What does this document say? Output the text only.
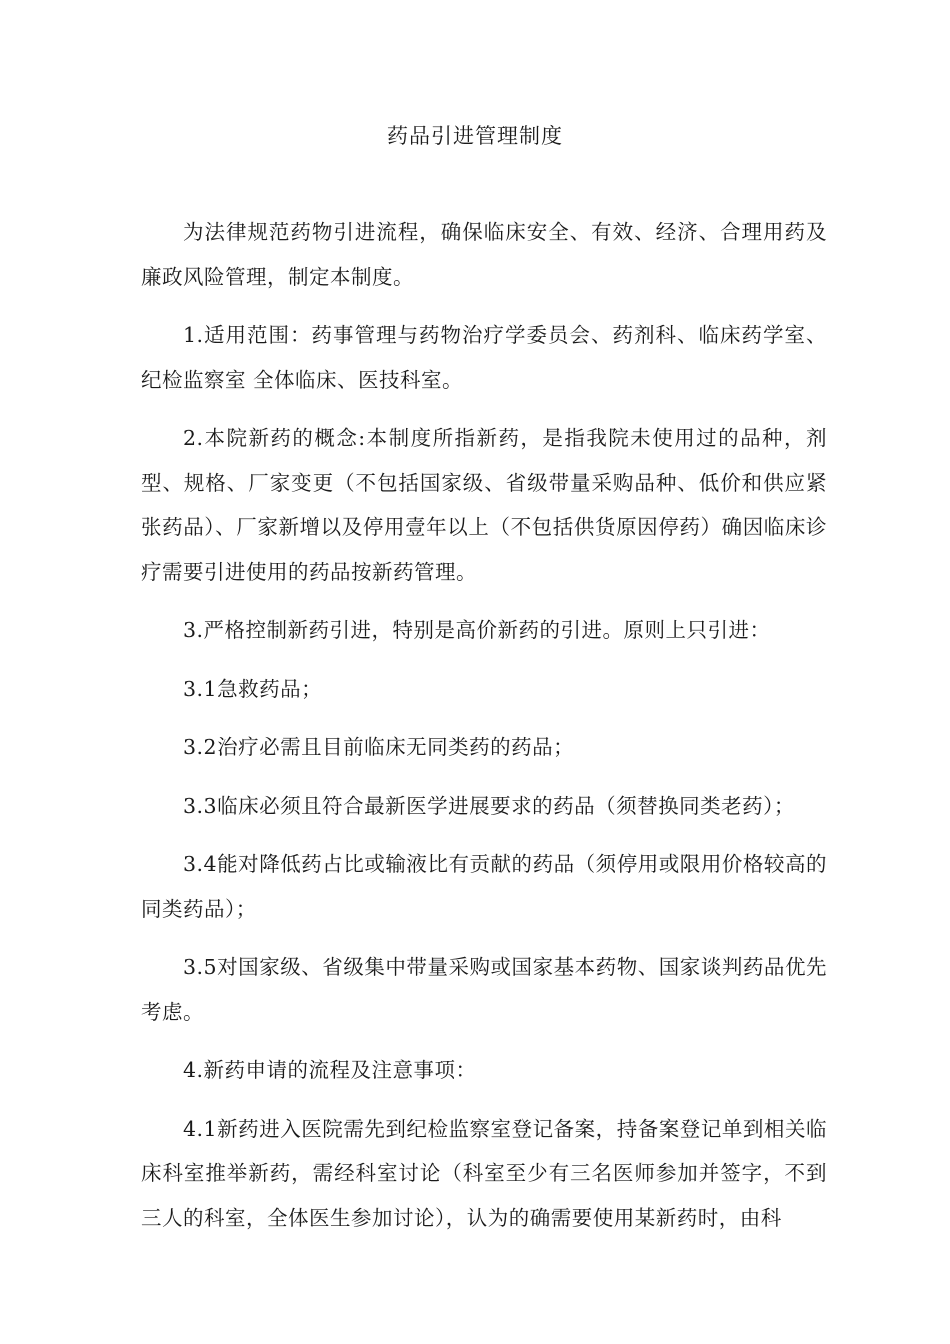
药品引进管理制度

为法律规范药物引进流程，确保临床安全、有效、经济、合理用药及廉政风险管理，制定本制度。

1.适用范围：药事管理与药物治疗学委员会、药剂科、临床药学室、纪检监察室 全体临床、医技科室。

2.本院新药的概念:本制度所指新药，是指我院未使用过的品种，剂型、规格、厂家变更（不包括国家级、省级带量采购品种、低价和供应紧张药品）、厂家新增以及停用壹年以上（不包括供货原因停药）确因临床诊疗需要引进使用的药品按新药管理。

3.严格控制新药引进，特别是高价新药的引进。原则上只引进：

3.1急救药品；

3.2治疗必需且目前临床无同类药的药品；

3.3临床必须且符合最新医学进展要求的药品（须替换同类老药）；

3.4能对降低药占比或输液比有贡献的药品（须停用或限用价格较高的同类药品）；

3.5对国家级、省级集中带量采购或国家基本药物、国家谈判药品优先考虑。

4.新药申请的流程及注意事项：

4.1新药进入医院需先到纪检监察室登记备案，持备案登记单到相关临床科室推举新药，需经科室讨论（科室至少有三名医师参加并签字，不到三人的科室，全体医生参加讨论），认为的确需要使用某新药时，由科
